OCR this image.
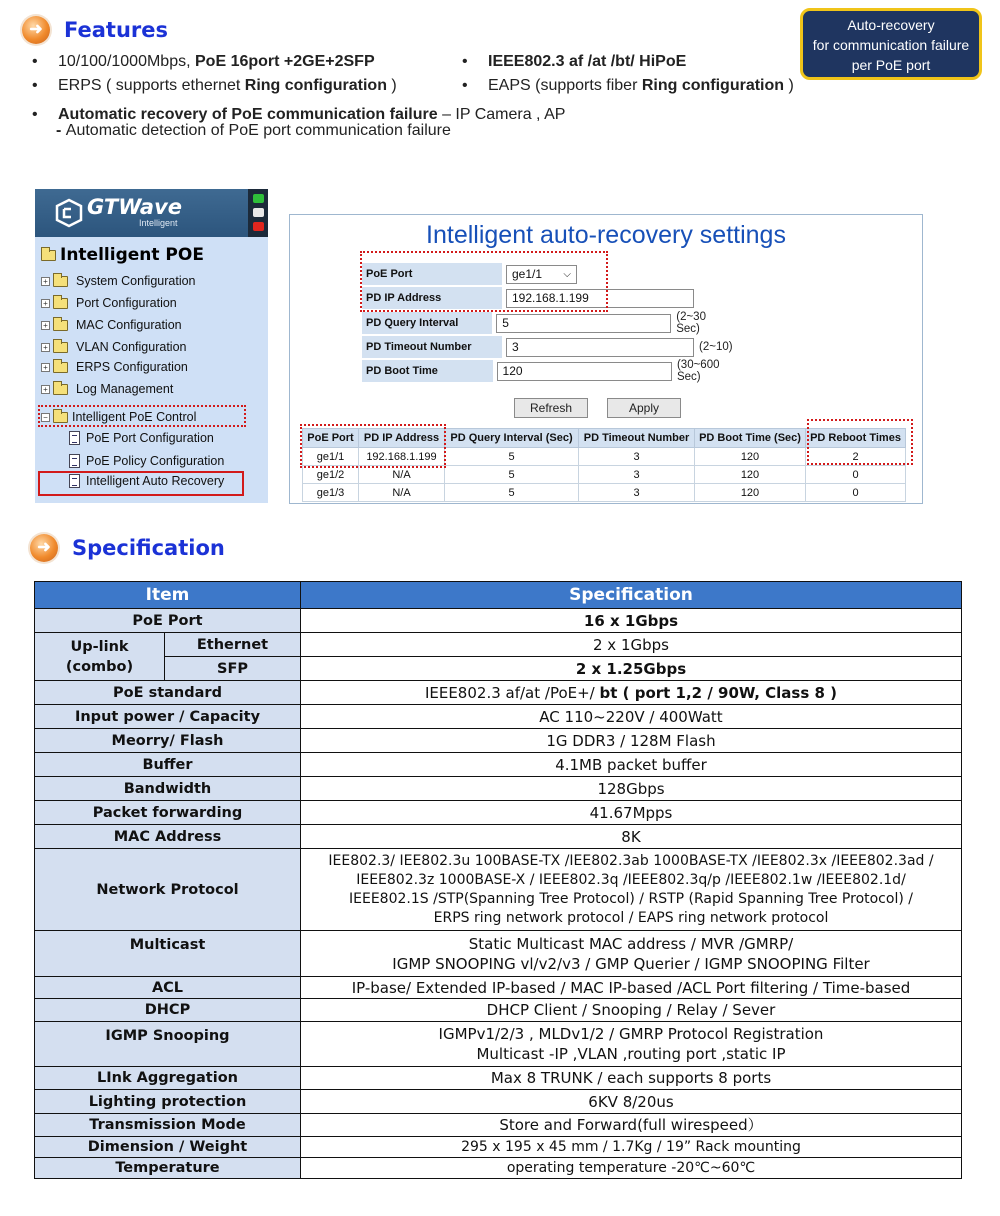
➜ Features	Auto-recovery
for communication failure
per PoE port
• 10/100/1000Mbps, PoE 16port +2GE+2SFP	• IEEE802.3 af /at /bt/ HiPoE
• ERPS ( supports ethernet Ring configuration )	• EAPS (supports fiber Ring configuration )
• Automatic recovery of PoE communication failure – IP Camera , AP
- Automatic detection of PoE port communication failure
GTWave
Intelligent
Intelligent POE
+ System Configuration
+ Port Configuration
+ MAC Configuration
+ VLAN Configuration
+ ERPS Configuration
+ Log Management
− Intelligent PoE Control
PoE Port Configuration
PoE Policy Configuration
Intelligent Auto Recovery
Intelligent auto-recovery settings
PoE Port	ge1/1 ⌵
PD IP Address	192.168.1.199
PD Query Interval	5	(2~30 Sec)
PD Timeout Number	3	(2~10)
PD Boot Time	120	(30~600 Sec)
Refresh	Apply
PoE Port	PD IP Address	PD Query Interval (Sec)	PD Timeout Number	PD Boot Time (Sec)	PD Reboot Times
ge1/1	192.168.1.199	5	3	120	2
ge1/2	N/A	5	3	120	0
ge1/3	N/A	5	3	120	0
➜ Specification
Item		Specification
PoE Port		16 x 1Gbps

Up-link
(combo)	Ethernet	2 x 1Gbps
	SFP	2 x 1.25Gbps
PoE standard		IEEE802.3 af/at /PoE+/ bt ( port 1,2 / 90W, Class 8 )
Input power / Capacity		AC 110~220V / 400Watt
Meorry/ Flash		1G DDR3 / 128M Flash
Buffer		4.1MB packet buffer
Bandwidth		128Gbps
Packet forwarding		41.67Mpps
MAC Address		8K
Network Protocol		IEE802.3/ IEE802.3u 100BASE-TX /IEE802.3ab 1000BASE-TX /IEE802.3x /IEEE802.3ad /
IEEE802.3z 1000BASE-X / IEEE802.3q /IEEE802.3q/p /IEEE802.1w /IEEE802.1d/
IEEE802.1S /STP(Spanning Tree Protocol) / RSTP (Rapid Spanning Tree Protocol) /
ERPS ring network protocol / EAPS ring network protocol

Multicast		Static Multicast MAC address / MVR /GMRP/
IGMP SNOOPING vl/v2/v3 / GMP Querier / IGMP SNOOPING Filter

ACL		IP-base/ Extended IP-based / MAC IP-based /ACL Port filtering / Time-based
DHCP		DHCP Client / Snooping / Relay / Sever
IGMP Snooping		IGMPv1/2/3 , MLDv1/2 / GMRP Protocol Registration
Multicast -IP ,VLAN ,routing port ,static IP

LInk Aggregation		Max 8 TRUNK / each supports 8 ports
Lighting protection		6KV 8/20us
Transmission Mode		Store and Forward(full wirespeed）
Dimension / Weight		295 x 195 x 45 mm / 1.7Kg / 19” Rack mounting
Temperature		operating temperature -20℃~60℃
